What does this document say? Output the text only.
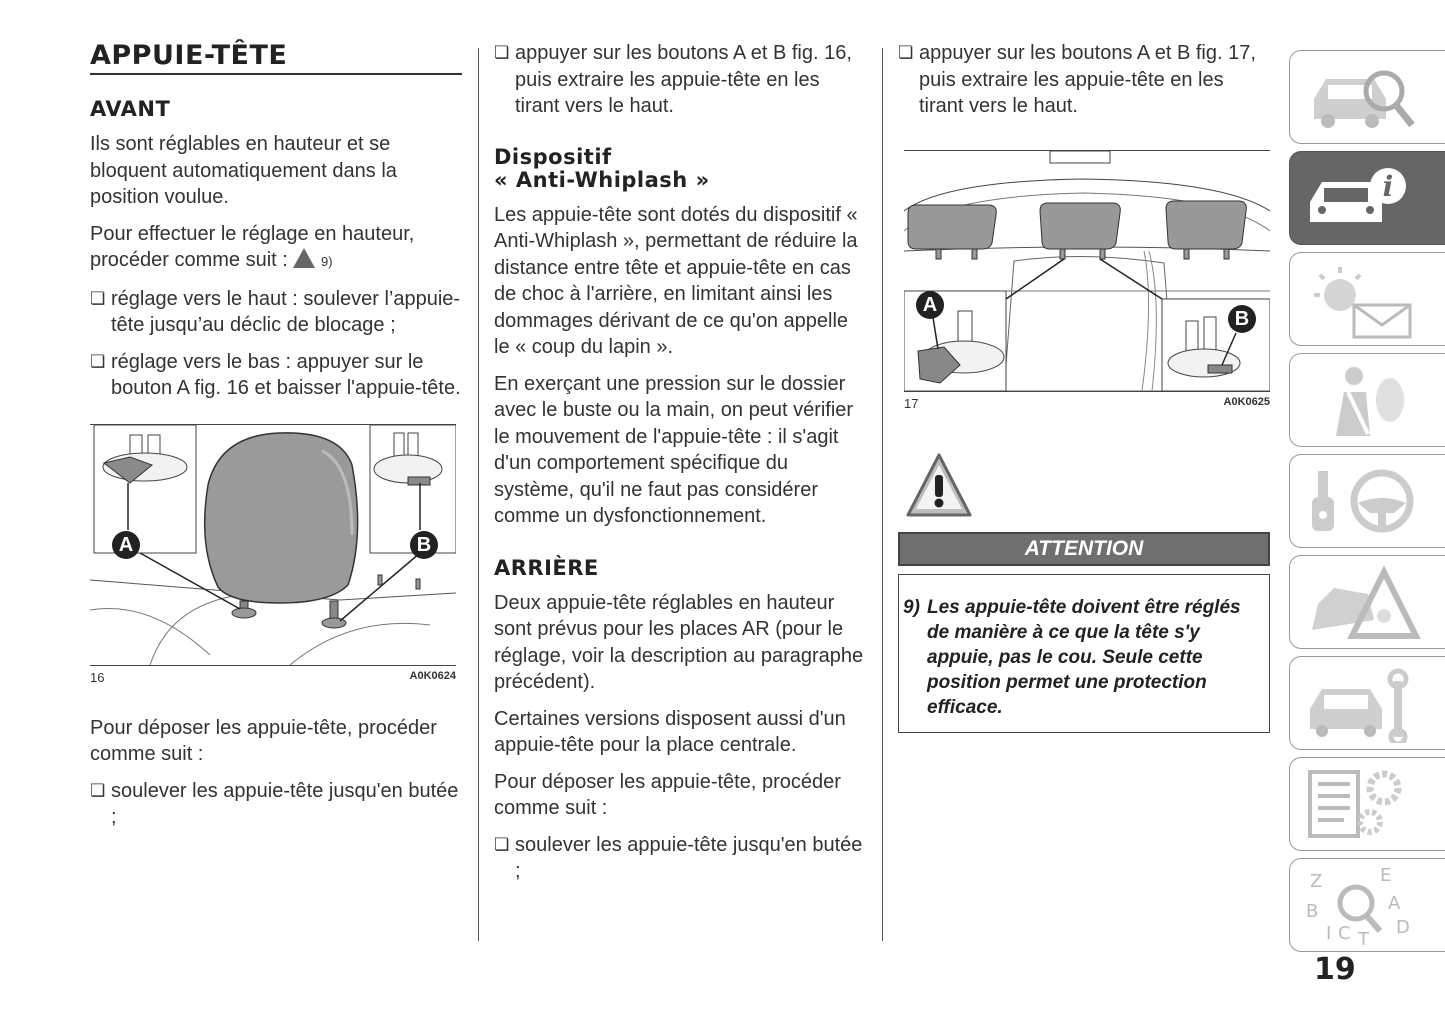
APPUIE-TÊTE
AVANT

Ils sont réglables en hauteur et se bloquent automatiquement dans la position voulue.

Pour effectuer le réglage en hauteur, procéder comme suit :	9)

❏ réglage vers le haut : soulever l’appuie-tête jusqu’au déclic de blocage ;

❏ réglage vers le bas : appuyer sur le bouton A fig. 16 et baisser l'appuie-tête.

A	B
16	A0K0624

Pour déposer les appuie-tête, procéder comme suit :

❏ soulever les appuie-tête jusqu'en butée ;

❏ appuyer sur les boutons A et B fig. 16, puis extraire les appuie-tête en les tirant vers le haut.

Dispositif
« Anti-Whiplash »

Les appuie-tête sont dotés du dispositif « Anti-Whiplash », permettant de réduire la distance entre tête et appuie-tête en cas de choc à l'arrière, en limitant ainsi les dommages dérivant de ce qu'on appelle le « coup du lapin ».

En exerçant une pression sur le dossier avec le buste ou la main, on peut vérifier le mouvement de l'appuie-tête : il s'agit d'un comportement spécifique du système, qu'il ne faut pas considérer comme un dysfonctionnement.

ARRIÈRE

Deux appuie-tête réglables en hauteur sont prévus pour les places AR (pour le réglage, voir la description au paragraphe précédent).

Certaines versions disposent aussi d'un appuie-tête pour la place centrale.

Pour déposer les appuie-tête, procéder comme suit :

❏ soulever les appuie-tête jusqu'en butée ;

❏ appuyer sur les boutons A et B fig. 17, puis extraire les appuie-tête en les tirant vers le haut.

A
B
17	A0K0625
ATTENTION
9) Les appuie-tête doivent être réglés de manière à ce que la tête s'y appuie, pas le cou. Seule cette position permet une protection efficace.
i
Z	E
B	A
I C T
D
19
